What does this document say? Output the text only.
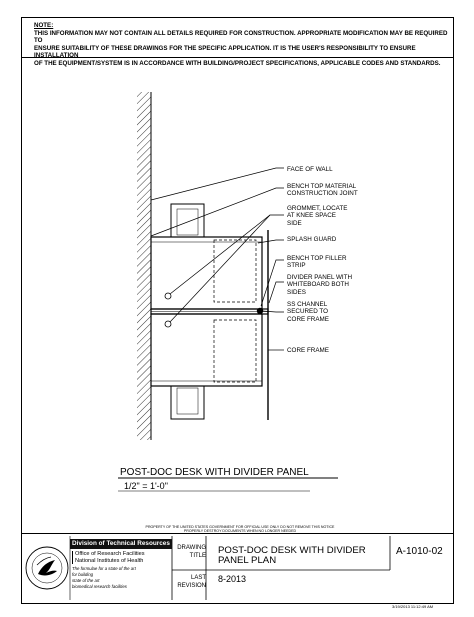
NOTE:
THIS INFORMATION MAY NOT CONTAIN ALL DETAILS REQUIRED FOR CONSTRUCTION. APPROPRIATE MODIFICATION MAY BE REQUIRED TO
ENSURE SUITABILITY OF THESE DRAWINGS FOR THE SPECIFIC APPLICATION. IT IS THE USER'S RESPONSIBILITY TO ENSURE INSTALLATION
OF THE EQUIPMENT/SYSTEM IS IN ACCORDANCE WITH BUILDING/PROJECT SPECIFICATIONS, APPLICABLE CODES AND STANDARDS.
FACE OF WALL
BENCH TOP MATERIAL
CONSTRUCTION JOINT
GROMMET, LOCATE
AT KNEE SPACE
SIDE
SPLASH GUARD
BENCH TOP FILLER
STRIP
DIVIDER PANEL WITH
WHITEBOARD BOTH
SIDES
SS CHANNEL
SECURED TO
CORE FRAME
CORE FRAME
POST-DOC DESK WITH DIVIDER PANEL
1/2" = 1'-0"
PROPERTY OF THE UNITED STATES GOVERNMENT FOR OFFICIAL USE ONLY DO NOT REMOVE THIS NOTICE
PROPERLY DESTROY DOCUMENTS WHEN NO LONGER NEEDED
Division of Technical Resources
Office of Research Facilities
National Institutes of Health
The formulae for a state of the art
for building
state of the art
biomedical research facilities
DRAWING
TITLE
LAST
REVISION
POST-DOC DESK WITH DIVIDER
PANEL PLAN
8-2013
A-1010-02
3/19/2013 11:12:49 AM
